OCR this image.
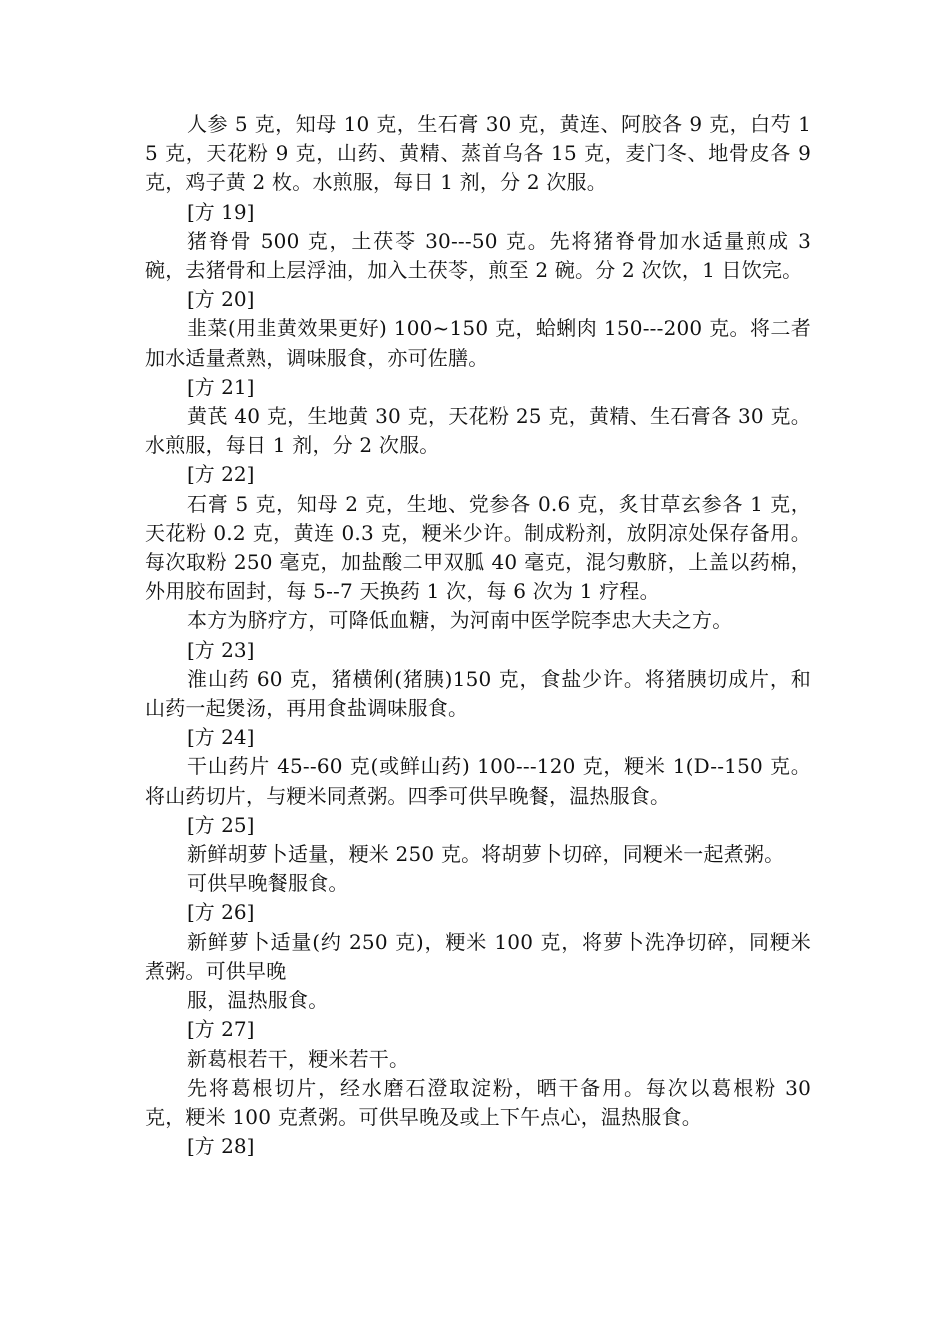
人参 5 克，知母 10 克，生石膏 30 克，黄连、阿胶各 9 克，白芍 15 克，天花粉 9 克，山药、黄精、蒸首乌各 15 克，麦门冬、地骨皮各 9 克，鸡子黄 2 枚。水煎服，每日 1 剂，分 2 次服。

[方 19]

猪脊骨 500 克，土茯苓 30---50 克。先将猪脊骨加水适量煎成 3 碗，去猪骨和上层浮油，加入土茯苓，煎至 2 碗。分 2 次饮，1 日饮完。

[方 20]

韭菜(用韭黄效果更好) 100~150 克，蛤蜊肉 150---200 克。将二者加水适量煮熟，调味服食，亦可佐膳。

[方 21]

黄芪 40 克，生地黄 30 克，天花粉 25 克，黄精、生石膏各 30 克。水煎服，每日 1 剂，分 2 次服。

[方 22]

石膏 5 克，知母 2 克，生地、党参各 0.6 克，炙甘草玄参各 1 克，天花粉 0.2 克，黄连 0.3 克，粳米少许。制成粉剂，放阴凉处保存备用。每次取粉 250 毫克，加盐酸二甲双胍 40 毫克，混匀敷脐，上盖以药棉，外用胶布固封，每 5--7 天换药 1 次，每 6 次为 1 疗程。

本方为脐疗方，可降低血糖，为河南中医学院李忠大夫之方。

[方 23]

淮山药 60 克，猪横俐(猪胰)150 克，食盐少许。将猪胰切成片，和山药一起煲汤，再用食盐调味服食。

[方 24]

干山药片 45--60 克(或鲜山药) 100---120 克，粳米 1(D--150 克。将山药切片，与粳米同煮粥。四季可供早晚餐，温热服食。

[方 25]

新鲜胡萝卜适量，粳米 250 克。将胡萝卜切碎，同粳米一起煮粥。

可供早晚餐服食。

[方 26]

新鲜萝卜适量(约 250 克)，粳米 100 克，将萝卜洗净切碎，同粳米煮粥。可供早晚

服，温热服食。

[方 27]

新葛根若干，粳米若干。

先将葛根切片，经水磨石澄取淀粉，晒干备用。每次以葛根粉 30 克，粳米 100 克煮粥。可供早晚及或上下午点心，温热服食。

[方 28]
